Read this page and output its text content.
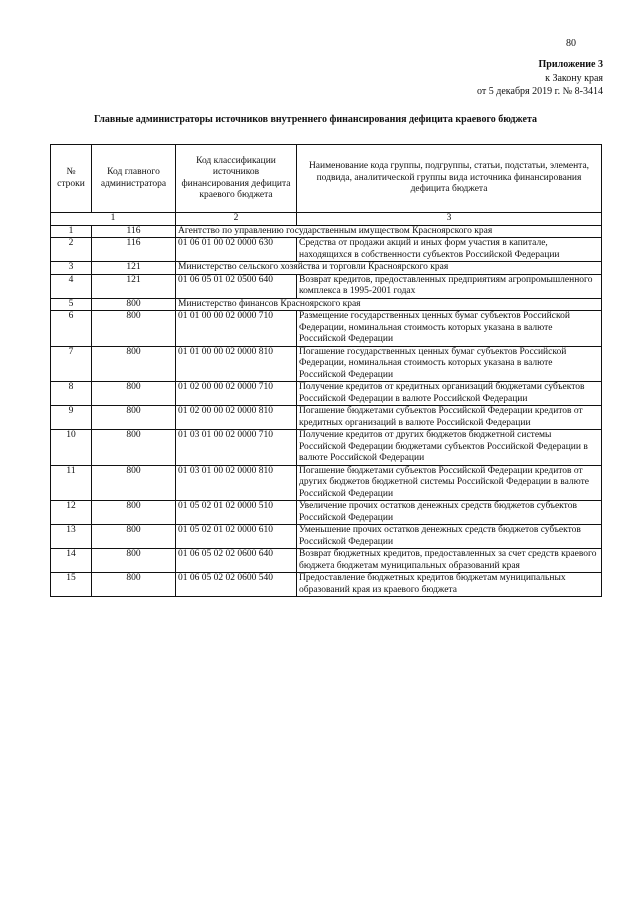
80
Приложение 3
к Закону края
от 5 декабря 2019 г. № 8-3414
Главные администраторы источников внутреннего финансирования дефицита краевого бюджета
№ строки	Код главного администратора	Код классификации источников финансирования дефицита краевого бюджета	Наименование кода группы, подгруппы, статьи, подстатьи, элемента, подвида, аналитической группы вида источника финансирования дефицита бюджета
1		2	3
1	116	Агентство по управлению государственным имуществом Красноярского края	
2	116	01 06 01 00 02 0000 630	Средства от продажи акций и иных форм участия в капитале, находящихся в собственности субъектов Российской Федерации
3	121	Министерство сельского хозяйства и торговли Красноярского края	
4	121	01 06 05 01 02 0500 640	Возврат кредитов, предоставленных предприятиям агропромышленного комплекса в 1995-2001 годах
5	800	Министерство финансов Красноярского края	
6	800	01 01 00 00 02 0000 710	Размещение государственных ценных бумаг субъектов Российской Федерации, номинальная стоимость которых указана в валюте Российской Федерации
7	800	01 01 00 00 02 0000 810	Погашение государственных ценных бумаг субъектов Российской Федерации, номинальная стоимость которых указана в валюте Российской Федерации
8	800	01 02 00 00 02 0000 710	Получение кредитов от кредитных организаций бюджетами субъектов Российской Федерации в валюте Российской Федерации
9	800	01 02 00 00 02 0000 810	Погашение бюджетами субъектов Российской Федерации кредитов от кредитных организаций в валюте Российской Федерации
10	800	01 03 01 00 02 0000 710	Получение кредитов от других бюджетов бюджетной системы Российской Федерации бюджетами субъектов Российской Федерации в валюте Российской Федерации
11	800	01 03 01 00 02 0000 810	Погашение бюджетами субъектов Российской Федерации кредитов от других бюджетов бюджетной системы Российской Федерации в валюте Российской Федерации
12	800	01 05 02 01 02 0000 510	Увеличение прочих остатков денежных средств бюджетов субъектов Российской Федерации
13	800	01 05 02 01 02 0000 610	Уменьшение прочих остатков денежных средств бюджетов субъектов Российской Федерации
14	800	01 06 05 02 02 0600 640	Возврат бюджетных кредитов, предоставленных за счет средств краевого бюджета бюджетам муниципальных образований края
15	800	01 06 05 02 02 0600 540	Предоставление бюджетных кредитов бюджетам муниципальных образований края из краевого бюджета
